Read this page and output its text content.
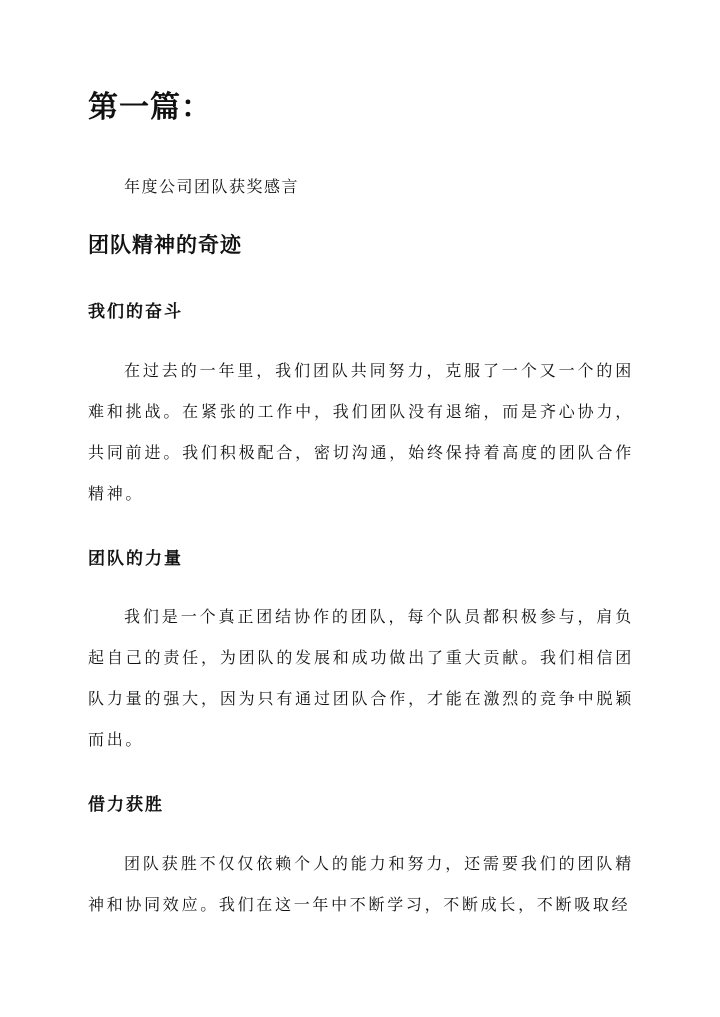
第一篇：

年度公司团队获奖感言

团队精神的奇迹
我们的奋斗

在过去的一年里，我们团队共同努力，克服了一个又一个的困难和挑战。在紧张的工作中，我们团队没有退缩，而是齐心协力，共同前进。我们积极配合，密切沟通，始终保持着高度的团队合作精神。

团队的力量

我们是一个真正团结协作的团队，每个队员都积极参与，肩负起自己的责任，为团队的发展和成功做出了重大贡献。我们相信团队力量的强大，因为只有通过团队合作，才能在激烈的竞争中脱颖而出。

借力获胜

团队获胜不仅仅依赖个人的能力和努力，还需要我们的团队精神和协同效应。我们在这一年中不断学习，不断成长，不断吸取经
